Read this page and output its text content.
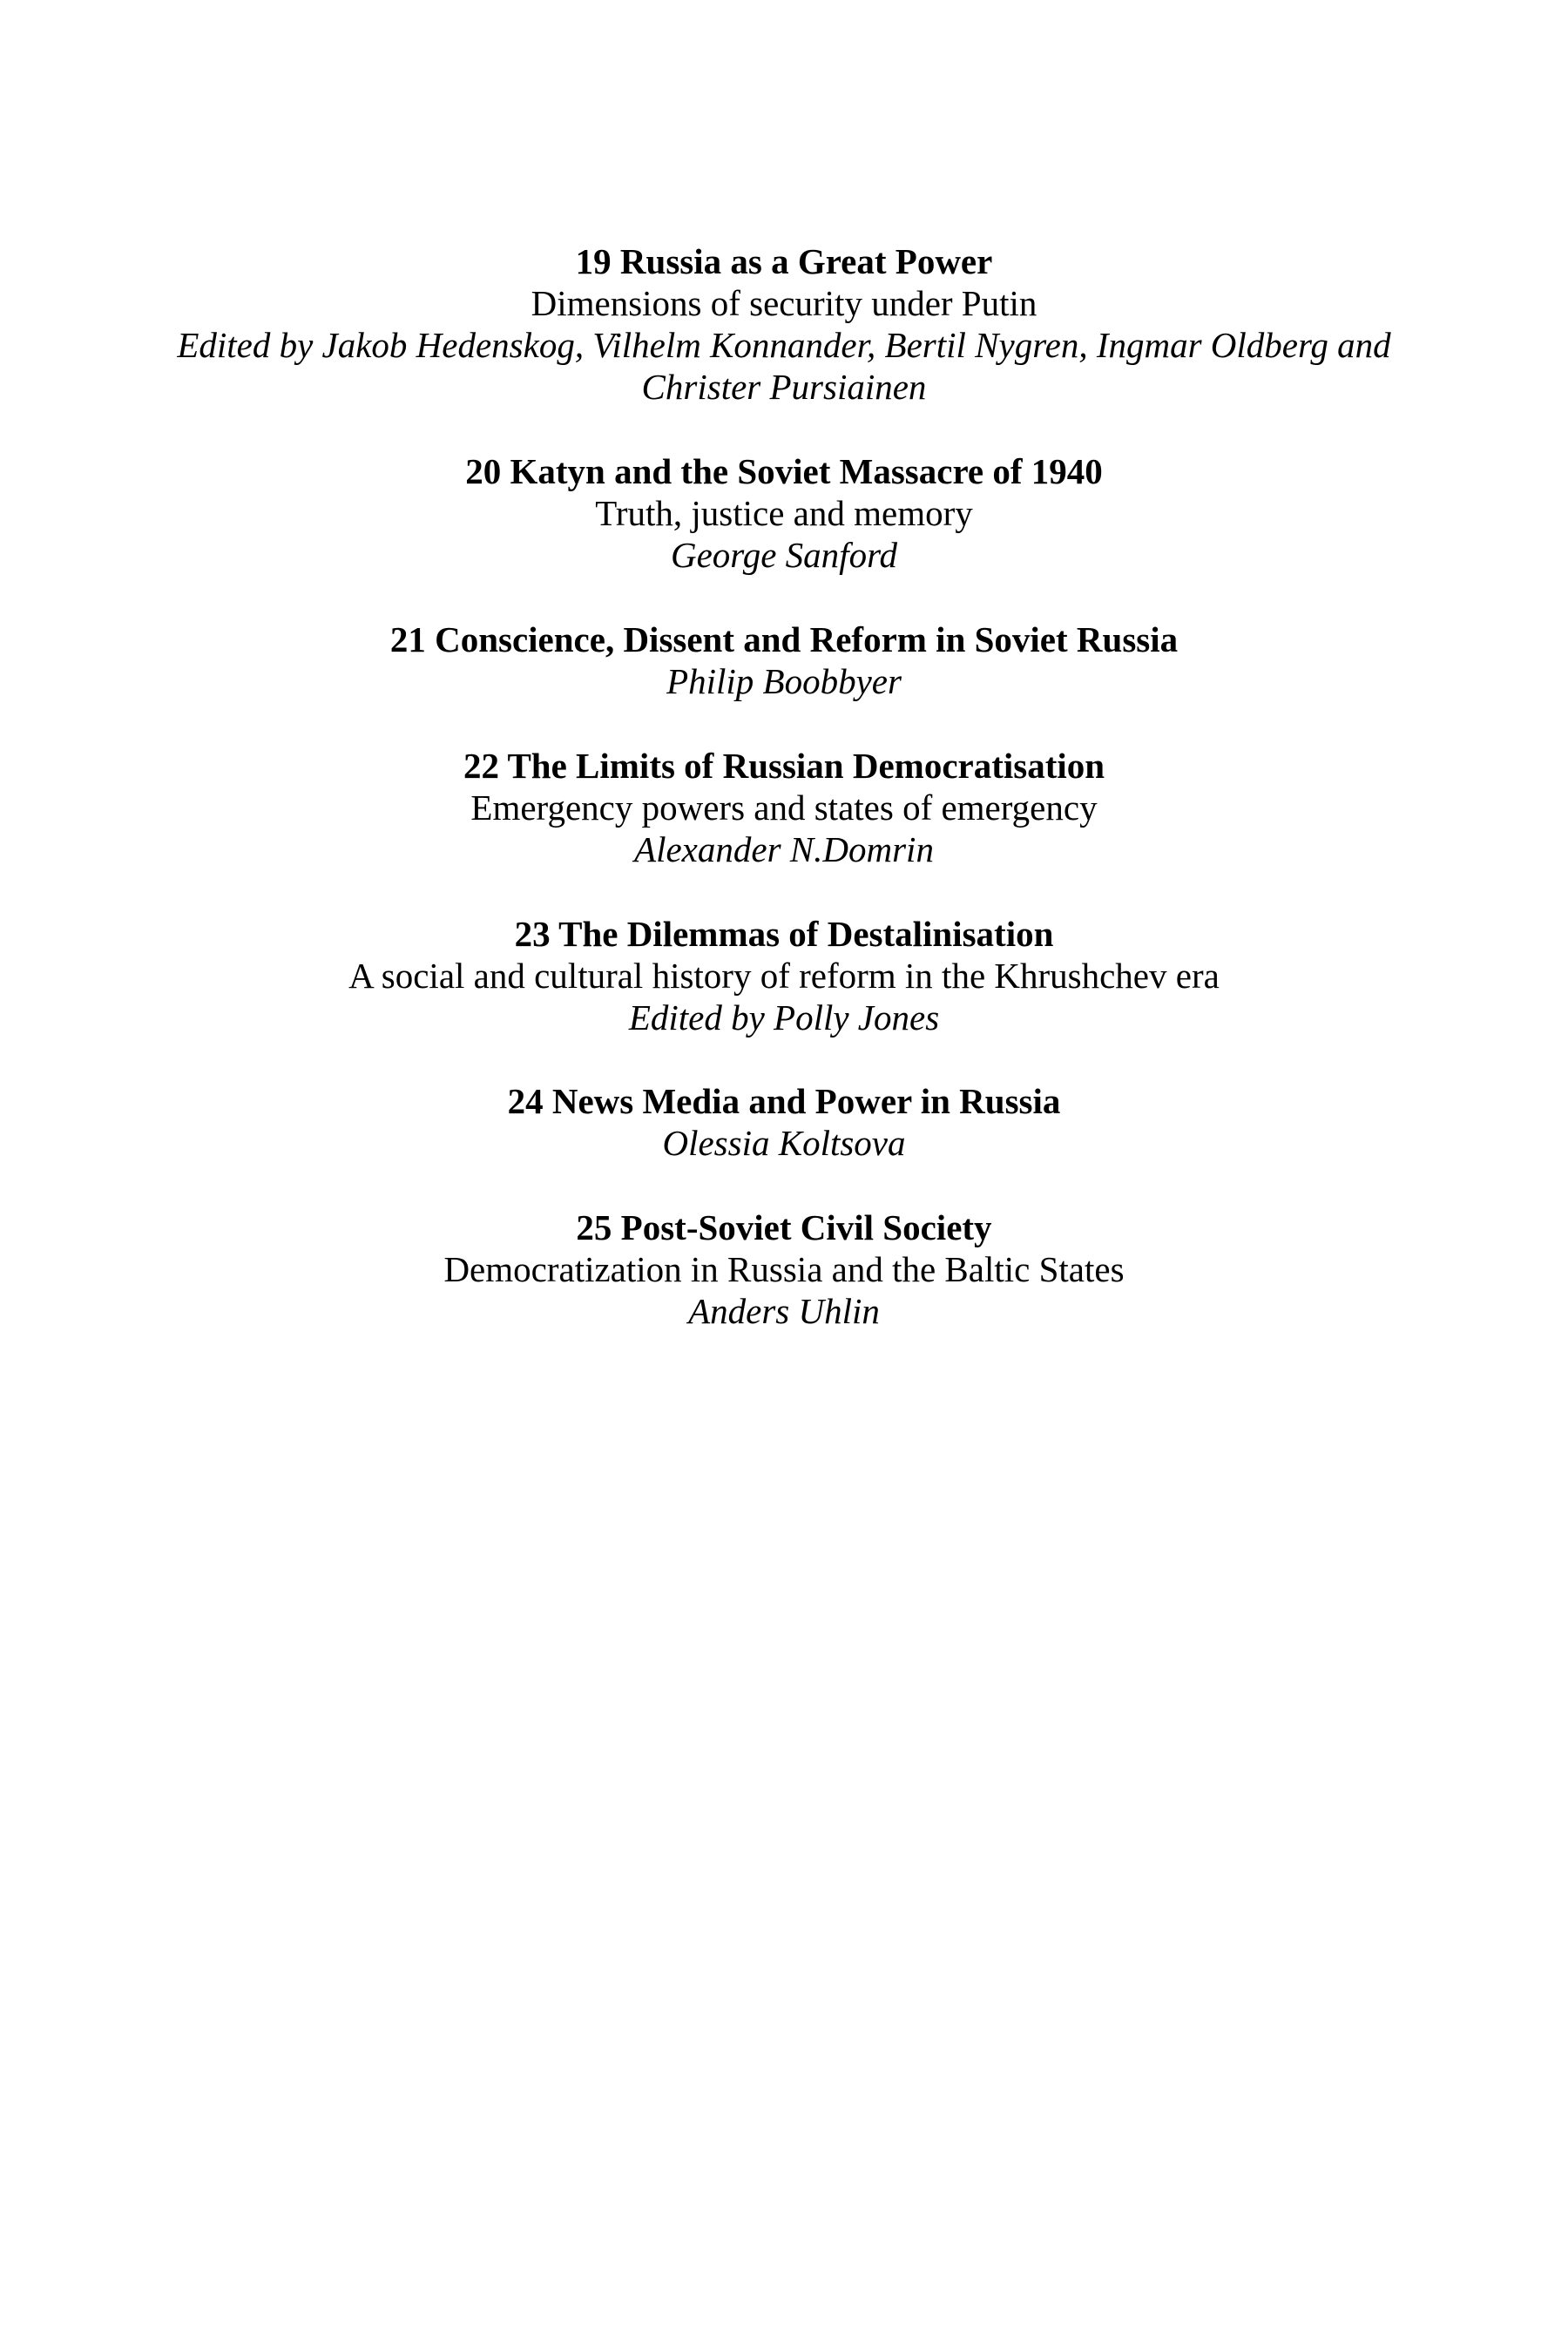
19 Russia as a Great Power
Dimensions of security under Putin
Edited by Jakob Hedenskog, Vilhelm Konnander, Bertil Nygren, Ingmar Oldberg and
Christer Pursiainen
20 Katyn and the Soviet Massacre of 1940
Truth, justice and memory
George Sanford
21 Conscience, Dissent and Reform in Soviet Russia
Philip Boobbyer
22 The Limits of Russian Democratisation
Emergency powers and states of emergency
Alexander N.Domrin
23 The Dilemmas of Destalinisation
A social and cultural history of reform in the Khrushchev era
Edited by Polly Jones
24 News Media and Power in Russia
Olessia Koltsova
25 Post-Soviet Civil Society
Democratization in Russia and the Baltic States
Anders Uhlin
